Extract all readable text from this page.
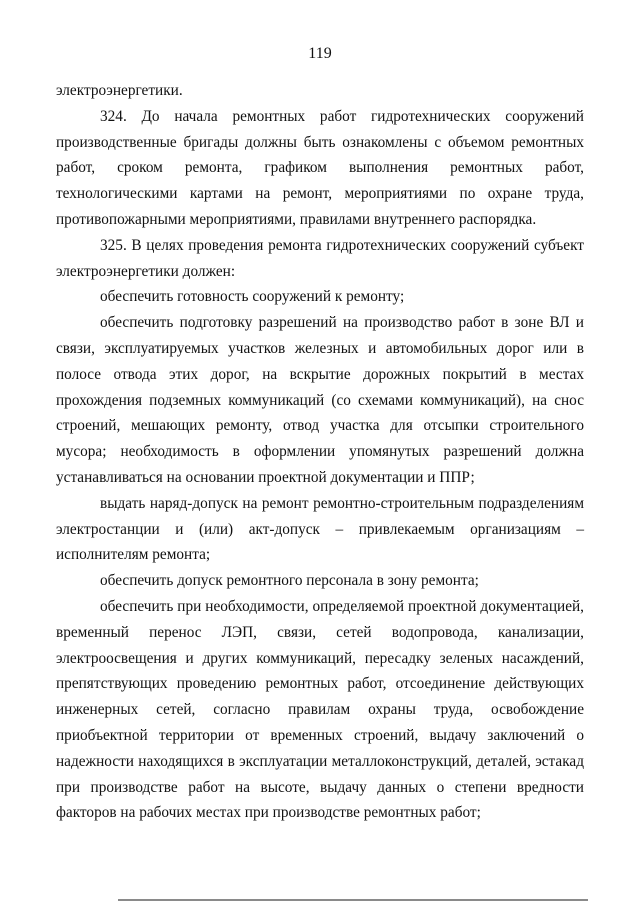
119

электроэнергетики.

324. До начала ремонтных работ гидротехнических сооружений производственные бригады должны быть ознакомлены с объемом ремонтных работ, сроком ремонта, графиком выполнения ремонтных работ, технологическими картами на ремонт, мероприятиями по охране труда, противопожарными мероприятиями, правилами внутреннего распорядка.

325. В целях проведения ремонта гидротехнических сооружений субъект электроэнергетики должен:

обеспечить готовность сооружений к ремонту;

обеспечить подготовку разрешений на производство работ в зоне ВЛ и связи, эксплуатируемых участков железных и автомобильных дорог или в полосе отвода этих дорог, на вскрытие дорожных покрытий в местах прохождения подземных коммуникаций (со схемами коммуникаций), на снос строений, мешающих ремонту, отвод участка для отсыпки строительного мусора; необходимость в оформлении упомянутых разрешений должна устанавливаться на основании проектной документации и ППР;

выдать наряд-допуск на ремонт ремонтно-строительным подразделениям электростанции и (или) акт-допуск – привлекаемым организациям – исполнителям ремонта;

обеспечить допуск ремонтного персонала в зону ремонта;

обеспечить при необходимости, определяемой проектной документацией, временный перенос ЛЭП, связи, сетей водопровода, канализации, электроосвещения и других коммуникаций, пересадку зеленых насаждений, препятствующих проведению ремонтных работ, отсоединение действующих инженерных сетей, согласно правилам охраны труда, освобождение приобъектной территории от временных строений, выдачу заключений о надежности находящихся в эксплуатации металлоконструкций, деталей, эстакад при производстве работ на высоте, выдачу данных о степени вредности факторов на рабочих местах при производстве ремонтных работ;
